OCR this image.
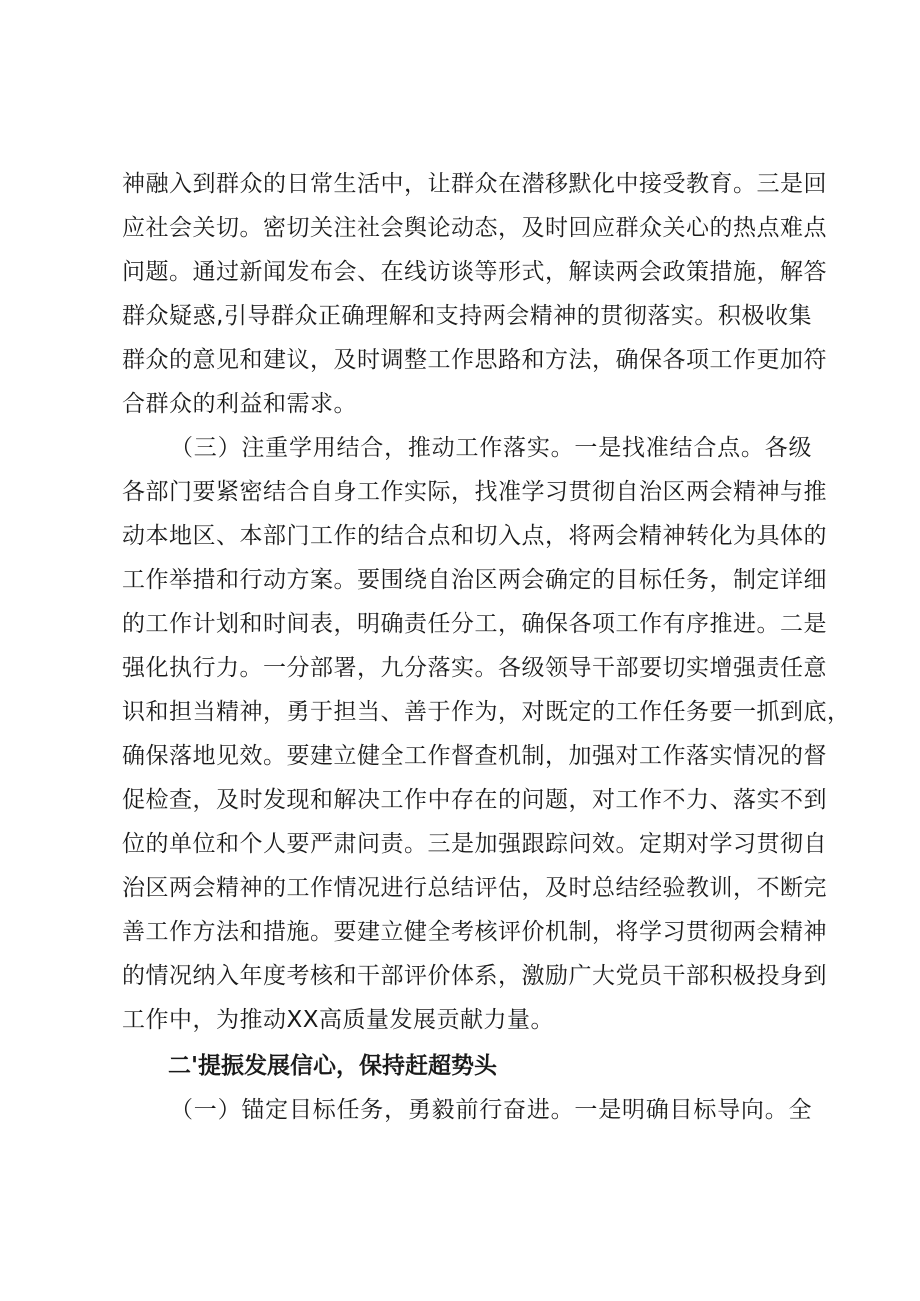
神融入到群众的日常生活中，让群众在潜移默化中接受教育。三是回
应社会关切。密切关注社会舆论动态，及时回应群众关心的热点难点
问题。通过新闻发布会、在线访谈等形式，解读两会政策措施，解答
群众疑惑,引导群众正确理解和支持两会精神的贯彻落实。积极收集
群众的意见和建议，及时调整工作思路和方法，确保各项工作更加符
合群众的利益和需求。
（三）注重学用结合，推动工作落实。一是找准结合点。各级
各部门要紧密结合自身工作实际，找准学习贯彻自治区两会精神与推
动本地区、本部门工作的结合点和切入点，将两会精神转化为具体的
工作举措和行动方案。要围绕自治区两会确定的目标任务，制定详细
的工作计划和时间表，明确责任分工，确保各项工作有序推进。二是
强化执行力。一分部署，九分落实。各级领导干部要切实增强责任意
识和担当精神，勇于担当、善于作为，对既定的工作任务要一抓到底，
确保落地见效。要建立健全工作督查机制，加强对工作落实情况的督
促检查，及时发现和解决工作中存在的问题，对工作不力、落实不到
位的单位和个人要严肃问责。三是加强跟踪问效。定期对学习贯彻自
治区两会精神的工作情况进行总结评估，及时总结经验教训，不断完
善工作方法和措施。要建立健全考核评价机制，将学习贯彻两会精神
的情况纳入年度考核和干部评价体系，激励广大党员干部积极投身到
工作中，为推动XX高质量发展贡献力量。
二'提振发展信心，保持赶超势头
（一）锚定目标任务，勇毅前行奋进。一是明确目标导向。全
